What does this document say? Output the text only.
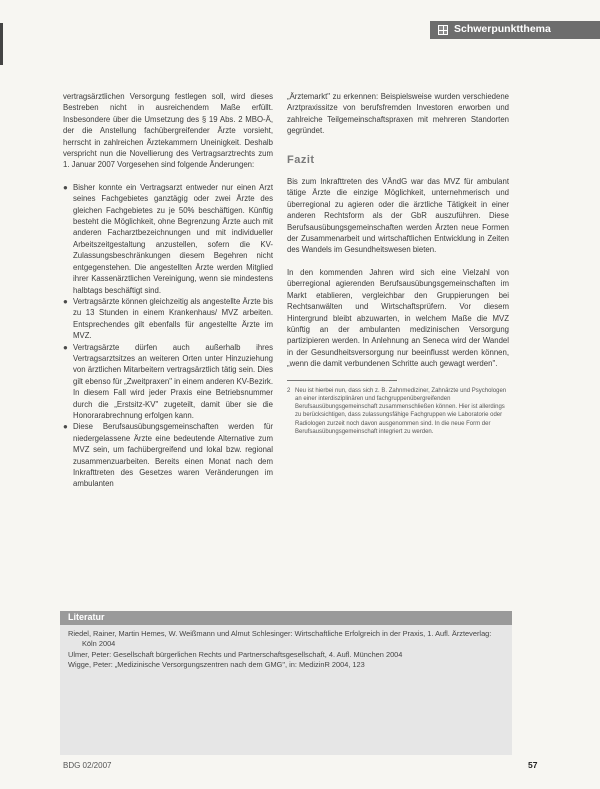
Schwerpunktthema

vertragsärztlichen Versorgung festlegen soll, wird dieses Bestreben nicht in ausreichendem Maße erfüllt. Insbesondere über die Umsetzung des § 19 Abs. 2 MBO-Ä, der die Anstellung fachübergreifender Ärzte vorsieht, herrscht in zahlreichen Ärztekammern Uneinigkeit. Deshalb verspricht nun die Novellierung des Vertragsarztrechts zum 1. Januar 2007 Vorgesehen sind folgende Änderungen:

● Bisher konnte ein Vertragsarzt entweder nur einen Arzt seines Fachgebietes ganztägig oder zwei Ärzte des gleichen Fachgebietes zu je 50% beschäftigen. Künftig besteht die Möglichkeit, ohne Begrenzung Ärzte auch mit anderen Facharztbezeichnungen und mit individueller Arbeitszeitgestaltung anzustellen, sofern die KV-Zulassungsbeschränkungen diesem Begehren nicht entgegenstehen. Die angestellten Ärzte werden Mitglied ihrer Kassenärztlichen Vereinigung, wenn sie mindestens halbtags beschäftigt sind.
● Vertragsärzte können gleichzeitig als angestellte Ärzte bis zu 13 Stunden in einem Krankenhaus/ MVZ arbeiten. Entsprechendes gilt ebenfalls für angestellte Ärzte im MVZ.
● Vertragsärzte dürfen auch außerhalb ihres Vertragsarztsitzes an weiteren Orten unter Hinzuziehung von ärztlichen Mitarbeitern vertragsärztlich tätig sein. Dies gilt ebenso für „Zweitpraxen" in einem anderen KV-Bezirk. In diesem Fall wird jeder Praxis eine Betriebsnummer durch die „Erstsitz-KV" zugeteilt, damit über sie die Honorarabrechnung erfolgen kann.
● Diese Berufsausübungsgemeinschaften werden für niedergelassene Ärzte eine bedeutende Alternative zum MVZ sein, um fachübergreifend und lokal bzw. regional zusammenzuarbeiten. Bereits einen Monat nach dem Inkrafttreten des Gesetzes waren Veränderungen im ambulanten

„Ärztemarkt" zu erkennen: Beispielsweise wurden verschiedene Arztpraxissitze von berufsfremden Investoren erworben und zahlreiche Teilgemeinschaftspraxen mit mehreren Standorten gegründet.

Fazit

Bis zum Inkrafttreten des VÄndG war das MVZ für ambulant tätige Ärzte die einzige Möglichkeit, unternehmerisch und überregional zu agieren oder die ärztliche Tätigkeit in einer anderen Rechtsform als der GbR auszuführen. Diese Berufsausübungsgemeinschaften werden Ärzten neue Formen der Zusammenarbeit und wirtschaftlichen Entwicklung in Zeiten des Wandels im Gesundheitswesen bieten.

In den kommenden Jahren wird sich eine Vielzahl von überregional agierenden Berufsausübungsgemeinschaften im Markt etablieren, vergleichbar den Gruppierungen bei Rechtsanwälten und Wirtschaftsprüfern. Vor diesem Hintergrund bleibt abzuwarten, in welchem Maße die MVZ künftig an der ambulanten medizinischen Versorgung partizipieren werden. In Anlehnung an Seneca wird der Wandel in der Gesundheitsversorgung nur beeinflusst werden können, „wenn die damit verbundenen Schritte auch gewagt werden".

2 Neu ist hierbei nun, dass sich z. B. Zahnmediziner, Zahnärzte und Psychologen an einer interdisziplinären und fachgruppenübergreifenden Berufsausübungsgemeinschaft zusammenschließen können. Hier ist allerdings zu berücksichtigen, dass zulassungsfähige Fachgruppen wie Laboratorie oder Radiologen zurzeit noch davon ausgenommen sind. In die neue Form der Berufsausübungsgemeinschaft integriert zu werden.
Literatur

Riedel, Rainer, Martin Hemes, W. Weißmann und Almut Schlesinger: Wirtschaftliche Erfolgreich in der Praxis, 1. Aufl. Ärzteverlag: Köln 2004

Ulmer, Peter: Gesellschaft bürgerlichen Rechts und Partnerschaftsgesellschaft, 4. Aufl. München 2004

Wigge, Peter: „Medizinische Versorgungszentren nach dem GMG", in: MedizinR 2004, 123

BDG 02/2007	57
